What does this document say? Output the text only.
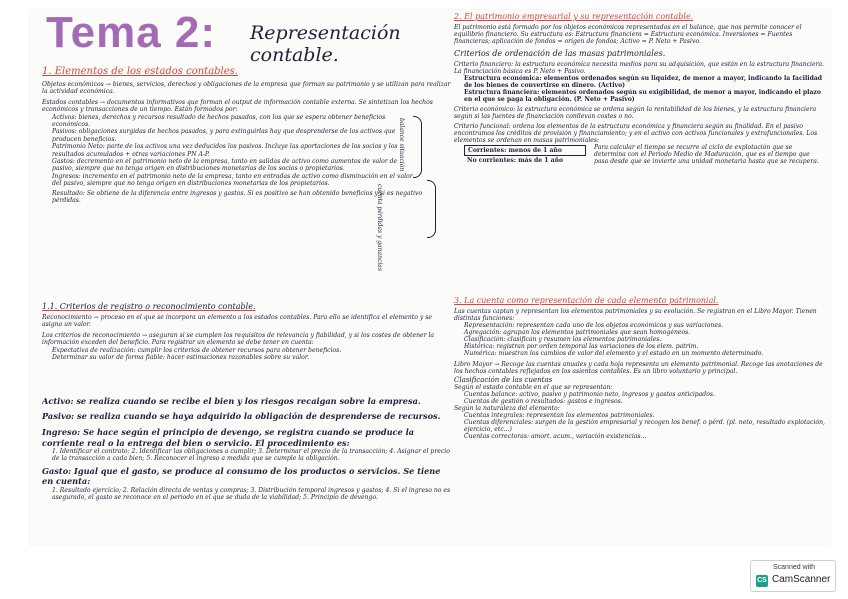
Tema 2: Representación contable.

1. Elementos de los estados contables.

Objetos económicos → bienes, servicios, derechos y obligaciones de la empresa que forman su patrimonio y se utilizan para realizar la actividad económica.

Estados contables → documentos informativos que forman el output de información contable externa. Se sintetizan los hechos económicos y transacciones de un tiempo. Están formados por:

Activos: bienes, derechos y recursos resultado de hechos pasados, con los que se espera obtener beneficios económicos.

Pasivos: obligaciones surgidas de hechos pasados, y para extinguirlas hay que desprenderse de los activos que producen beneficios.

Patrimonio Neto: parte de los activos una vez deducidos los pasivos. Incluye las aportaciones de los socios y los resultados acumulados + otras variaciones PN A-P.

Gastos: decremento en el patrimonio neto de la empresa, tanto en salidas de activo como aumentos de valor de pasivo, siempre que no tenga origen en distribuciones monetarias de los socios o propietarios.

Ingresos: incremento en el patrimonio neto de la empresa, tanto en entradas de activo como disminución en el valor del pasivo, siempre que no tenga origen en distribuciones monetarias de los propietarios.

balance situación
cuenta pérdidas y ganancias

Resultado: Se obtiene de la diferencia entre ingresos y gastos. Si es positivo se han obtenido beneficios y si es negativo pérdidas.

1.1. Criterios de registro o reconocimiento contable.

Reconocimiento → proceso en el que se incorpora un elemento a los estados contables. Para ello se identifica el elemento y se asigna un valor.

Los criterios de reconocimiento → aseguran si se cumplen los requisitos de relevancia y fiabilidad, y si los costes de obtener la información exceden del beneficio. Para registrar un elemento se debe tener en cuenta:

Expectativa de realización: cumplir los criterios de obtener recursos para obtener beneficios.

Determinar su valor de forma fiable: hacer estimaciones razonables sobre su valor.

Activo: se realiza cuando se recibe el bien y los riesgos recaigan sobre la empresa.

Pasivo: se realiza cuando se haya adquirido la obligación de desprenderse de recursos.

Ingreso: Se hace según el principio de devengo, se registra cuando se produce la corriente real o la entrega del bien o servicio. El procedimiento es:

1. Identificar el contrato; 2. Identificar las obligaciones a cumplir; 3. Determinar el precio de la transacción; 4. Asignar el precio de la transacción a cada bien; 5. Reconocer el ingreso a medida que se cumple la obligación.

Gasto: Igual que el gasto, se produce al consumo de los productos o servicios. Se tiene en cuenta:

1. Resultado ejercicio; 2. Relación directa de ventas y compras; 3. Distribución temporal ingresos y gastos; 4. Si el ingreso no es asegurado, el gasto se reconoce en el periodo en el que se duda de la viabilidad; 5. Principio de devengo.

2. El patrimonio empresarial y su representación contable.

El patrimonio está formado por los objetos económicos representados en el balance, que nos permite conocer el equilibrio financiero. Su estructura es: Estructura financiera = Estructura económica. Inversiones = Fuentes financieras; aplicación de fondos = origen de fondos; Activo = P. Neto + Pasivo.

Criterios de ordenación de las masas patrimoniales.

Criterio financiero: la estructura económica necesita medios para su adquisición, que están en la estructura financiera. La financiación básica es P. Neto + Pasivo.

Estructura económica: elementos ordenados según su liquidez, de menor a mayor, indicando la facilidad de los bienes de convertirse en dinero. (Activo)

Estructura financiera: elementos ordenados según su exigibilidad, de menor a mayor, indicando el plazo en el que se paga la obligación. (P. Neto + Pasivo)

Criterio económico: la estructura económica se ordena según la rentabilidad de los bienes, y la estructura financiera según si las fuentes de financiación conllevan costes o no.

Criterio funcional: ordena los elementos de la estructura económica y financiera según su finalidad. En el pasivo encontramos los créditos de provisión y financiamiento; y en el activo con activos funcionales y extrafuncionales. Los elementos se ordenan en masas patrimoniales:

Corrientes: menos de 1 año
No corrientes: más de 1 año

Para calcular el tiempo se recurre al ciclo de explotación que se determina con el Periodo Medio de Maduración, que es el tiempo que pasa desde que se invierte una unidad monetaria hasta que se recupera.

3. La cuenta como representación de cada elemento patrimonial.

Las cuentas captan y representan los elementos patrimoniales y su evolución. Se registran en el Libro Mayor. Tienen distintas funciones:

Representación: representan cada uno de los objetos económicos y sus variaciones.

Agregación: agrupan los elementos patrimoniales que sean homogéneos.

Clasificación: clasifican y resumen los elementos patrimoniales.

Histórica: registran por orden temporal las variaciones de los elem. patrim.

Numérica: muestran los cambios de valor del elemento y el estado en un momento determinado.

Libro Mayor → Recoge las cuentas anuales y cada hoja representa un elemento patrimonial. Recoge las anotaciones de los hechos contables reflejados en los asientos contables. Es un libro voluntario y principal.

Clasificación de las cuentas

Según el estado contable en el que se representan:

Cuentas balance: activo, pasivo y patrimonio neto, ingresos y gastos anticipados.

Cuentas de gestión o resultados: gastos e ingresos.

Según la naturaleza del elemento:

Cuentas integrales: representan los elementos patrimoniales.

Cuentas diferenciales: surgen de la gestión empresarial y recogen los benef. o pérd. (pl. neto, resultado explotación, ejercicio, etc...)

Cuentas correctoras: amort. acum., variación existencias...

Scanned with
CS CamScanner
